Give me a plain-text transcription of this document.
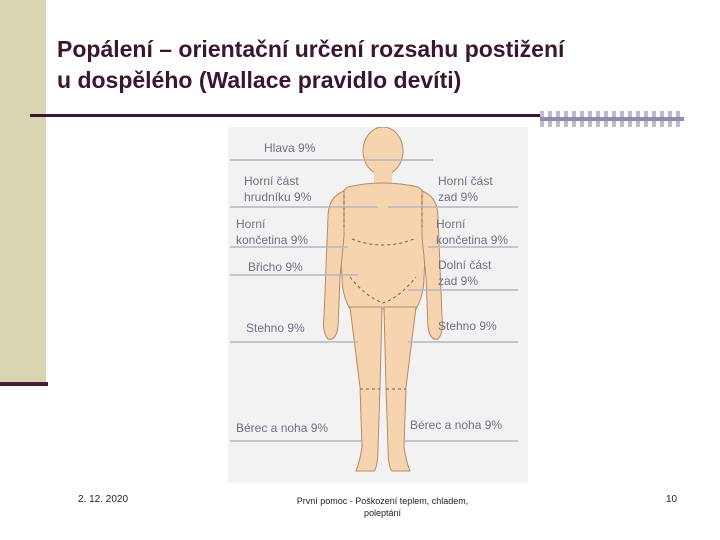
Popálení – orientační určení rozsahu postižení
u dospělého (Wallace pravidlo devíti)
Hlava 9%
Horní část
hrudníku 9%
Horní část
zad 9%
Horní
končetina 9%
Horní
končetina 9%
Břicho 9%	Dolní část
zad 9%
Stehno 9%	Stehno 9%
Bérec a noha 9%	Bérec a noha 9%
2. 12. 2020	První pomoc - Poškození teplem, chladem, poleptání
10
